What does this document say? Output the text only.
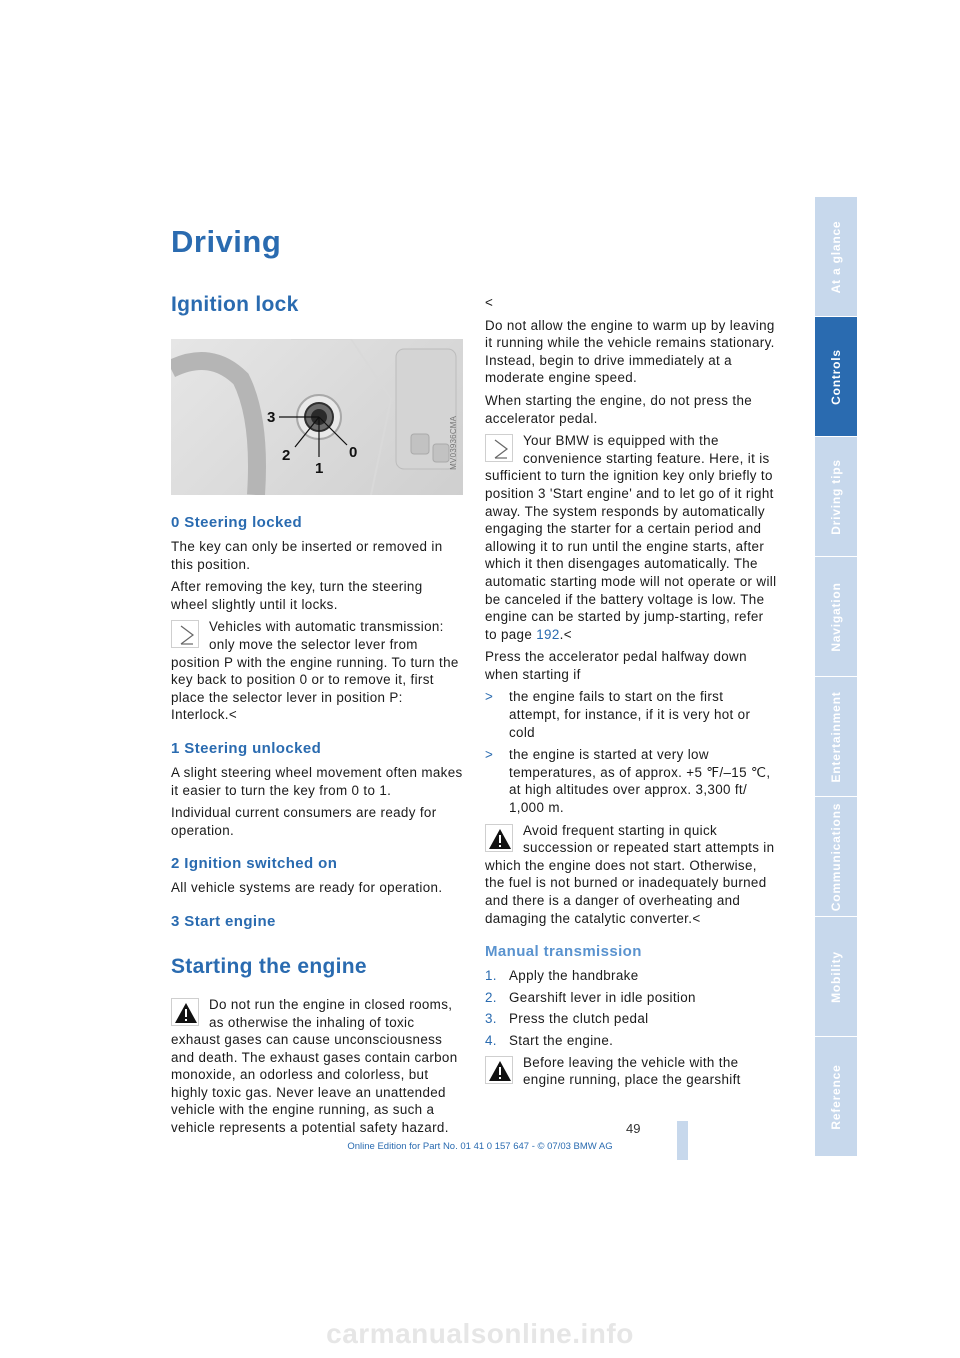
Driving
Ignition lock
3
2
1
0	MV03936CMA
0 Steering locked

The key can only be inserted or removed in this position.

After removing the key, turn the steering wheel slightly until it locks.

Vehicles with automatic transmission: only move the selector lever from position P with the engine running. To turn the key back to position 0 or to remove it, first place the selector lever in position P: Interlock.<
1 Steering unlocked

A slight steering wheel movement often makes it easier to turn the key from 0 to 1.

Individual current consumers are ready for operation.

2 Ignition switched on

All vehicle systems are ready for operation.

3 Start engine
Starting the engine
Do not run the engine in closed rooms, as otherwise the inhaling of toxic exhaust gases can cause unconsciousness and death. The exhaust gases contain carbon monoxide, an odorless and colorless, but highly toxic gas. Never leave an unattended vehicle with the engine running, as such a vehicle represents a potential safety hazard.

<

Do not allow the engine to warm up by leaving it running while the vehicle remains stationary. Instead, begin to drive immediately at a moderate engine speed.

When starting the engine, do not press the accelerator pedal.

Your BMW is equipped with the convenience starting feature. Here, it is sufficient to turn the ignition key only briefly to position 3 'Start engine' and to let go of it right away. The system responds by automatically engaging the starter for a certain period and allowing it to run until the engine starts, after which it then disengages automatically. The automatic starting mode will not operate or will be canceled if the battery voltage is low. The engine can be started by jump-starting, refer to page 192.<

Press the accelerator pedal halfway down when starting if

>	the engine fails to start on the first attempt, for instance, if it is very hot or cold
>	the engine is started at very low temperatures, as of approx. +5 ℉/–15 ℃, at high altitudes over approx. 3,300 ft/ 1,000 m.
Avoid frequent starting in quick succession or repeated start attempts in which the engine does not start. Otherwise, the fuel is not burned or inadequately burned and there is a danger of overheating and damaging the catalytic converter.<
Manual transmission
1. Apply the handbrake
2. Gearshift lever in idle position
3. Press the clutch pedal
4. Start the engine.
Before leaving the vehicle with the engine running, place the gearshift
At a glance
Controls
Driving tips
Navigation
Entertainment
Communications
Mobility
Reference
49
Online Edition for Part No. 01 41 0 157 647 - © 07/03 BMW AG
carmanualsonline.info
